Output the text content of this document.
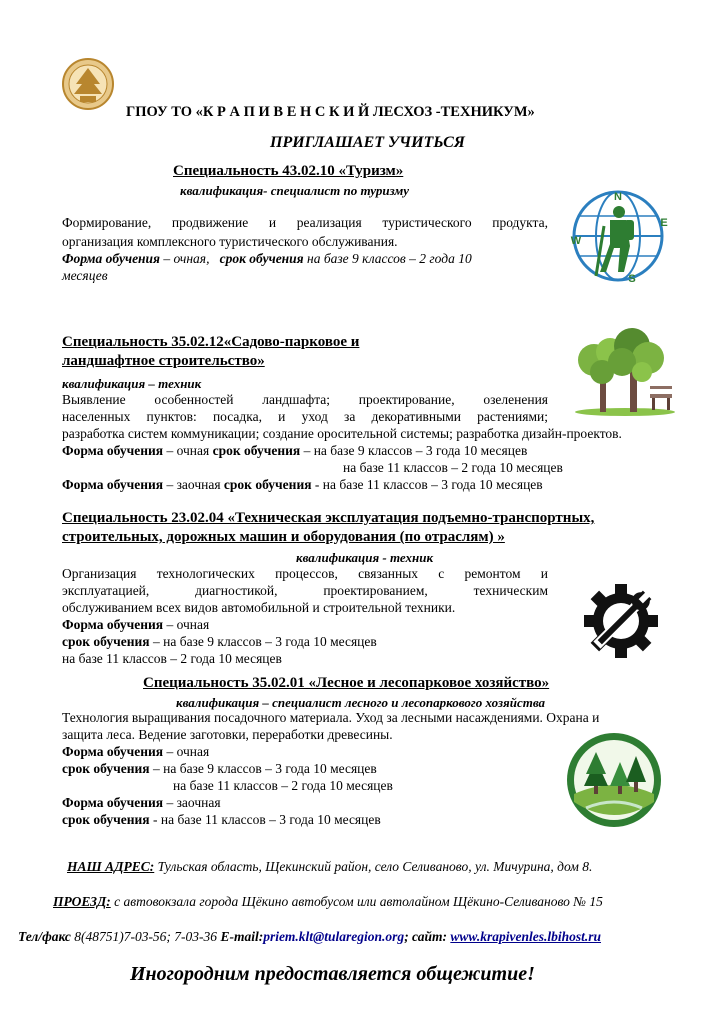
ГПОУ ТО «К Р А П И В Е Н С К И Й ЛЕСХОЗ -ТЕХНИКУМ»
ПРИГЛАШАЕТ УЧИТЬСЯ
Специальность 43.02.10 «Туризм»
квалификация- специалист по туризму
Формирование, продвижение и реализация туристического продукта,
организация комплексного туристического обслуживания.
Форма обучения – очная, срок обучения на базе 9 классов – 2 года 10
месяцев
N
E
S
W
Специальность 35.02.12«Садово-парковое и
ландшафтное строительство»
квалификация – техник
Выявление особенностей ландшафта; проектирование, озеленения
населенных пунктов: посадка, и уход за декоративными растениями;
разработка систем коммуникации; создание оросительной системы; разработка дизайн-проектов.
Форма обучения – очная срок обучения – на базе 9 классов – 3 года 10 месяцев
на базе 11 классов – 2 года 10 месяцев
Форма обучения – заочная срок обучения - на базе 11 классов – 3 года 10 месяцев
Специальность 23.02.04 «Техническая эксплуатация подъемно-транспортных,
строительных, дорожных машин и оборудования (по отраслям) »
квалификация - техник
Организация технологических процессов, связанных с ремонтом и
эксплуатацией, диагностикой, проектированием, техническим
обслуживанием всех видов автомобильной и строительной техники.
Форма обучения – очная
срок обучения – на базе 9 классов – 3 года 10 месяцев
на базе 11 классов – 2 года 10 месяцев
Специальность 35.02.01 «Лесное и лесопарковое хозяйство»
квалификация – специалист лесного и лесопаркового хозяйства
Технология выращивания посадочного материала. Уход за лесными насаждениями. Охрана и
защита леса. Ведение заготовки, переработки древесины.
Форма обучения – очная
срок обучения – на базе 9 классов – 3 года 10 месяцев
на базе 11 классов – 2 года 10 месяцев
Форма обучения – заочная
срок обучения - на базе 11 классов – 3 года 10 месяцев
НАШ АДРЕС: Тульская область, Щекинский район, село Селиваново, ул. Мичурина, дом 8.
ПРОЕЗД: с автовокзала города Щёкино автобусом или автолайном Щёкино-Селиваново № 15
Тел/факс 8(48751)7-03-56; 7-03-36 E-mail:priem.klt@tularegion.org; сайт: www.krapivenles.lbihost.ru
Иногородним предоставляется общежитие!
